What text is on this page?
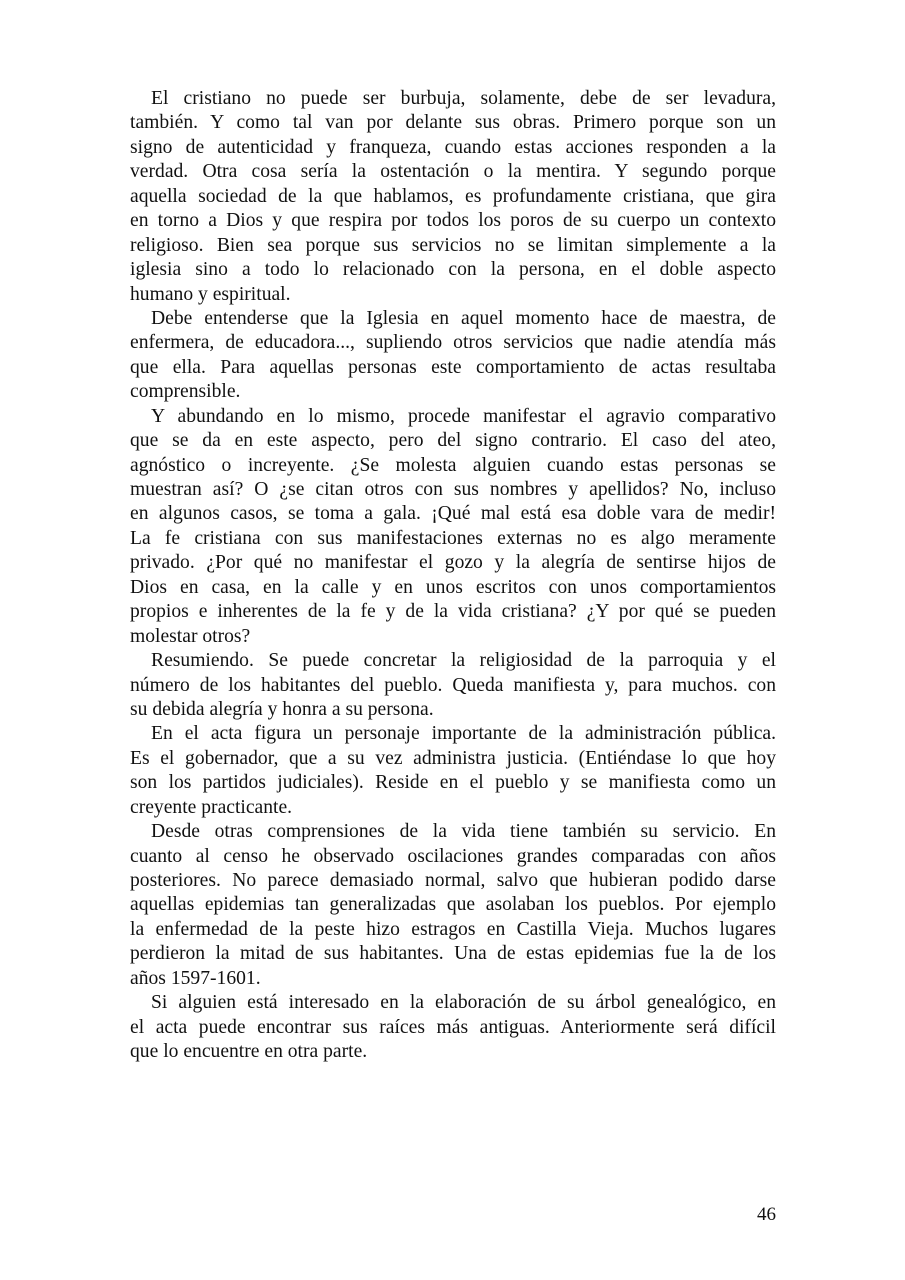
El cristiano no puede ser burbuja, solamente, debe de ser levadura,
también. Y como tal van por delante sus obras. Primero porque son un
signo de autenticidad y franqueza, cuando estas acciones responden a la
verdad. Otra cosa sería la ostentación o la mentira. Y segundo porque
aquella sociedad de la que hablamos, es profundamente cristiana, que gira
en torno a Dios y que respira por todos los poros de su cuerpo un contexto
religioso. Bien sea porque sus servicios no se limitan simplemente a la
iglesia sino a todo lo relacionado con la persona, en el doble aspecto
humano y espiritual.
Debe entenderse que la Iglesia en aquel momento hace de maestra, de
enfermera, de educadora..., supliendo otros servicios que nadie atendía más
que ella. Para aquellas personas este comportamiento de actas resultaba
comprensible.
Y abundando en lo mismo, procede manifestar el agravio comparativo
que se da en este aspecto, pero del signo contrario. El caso del ateo,
agnóstico o increyente. ¿Se molesta alguien cuando estas personas se
muestran así? O ¿se citan otros con sus nombres y apellidos? No, incluso
en algunos casos, se toma a gala. ¡Qué mal está esa doble vara de medir!
La fe cristiana con sus manifestaciones externas no es algo meramente
privado. ¿Por qué no manifestar el gozo y la alegría de sentirse hijos de
Dios en casa, en la calle y en unos escritos con unos comportamientos
propios e inherentes de la fe y de la vida cristiana? ¿Y por qué se pueden
molestar otros?
Resumiendo. Se puede concretar la religiosidad de la parroquia y el
número de los habitantes del pueblo. Queda manifiesta y, para muchos. con
su debida alegría y honra a su persona.
En el acta figura un personaje importante de la administración pública.
Es el gobernador, que a su vez administra justicia. (Entiéndase lo que hoy
son los partidos judiciales). Reside en el pueblo y se manifiesta como un
creyente practicante.
Desde otras comprensiones de la vida tiene también su servicio. En
cuanto al censo he observado oscilaciones grandes comparadas con años
posteriores. No parece demasiado normal, salvo que hubieran podido darse
aquellas epidemias tan generalizadas que asolaban los pueblos. Por ejemplo
la enfermedad de la peste hizo estragos en Castilla Vieja. Muchos lugares
perdieron la mitad de sus habitantes. Una de estas epidemias fue la de los
años 1597-1601.
Si alguien está interesado en la elaboración de su árbol genealógico, en
el acta puede encontrar sus raíces más antiguas. Anteriormente será difícil
que lo encuentre en otra parte.
46
